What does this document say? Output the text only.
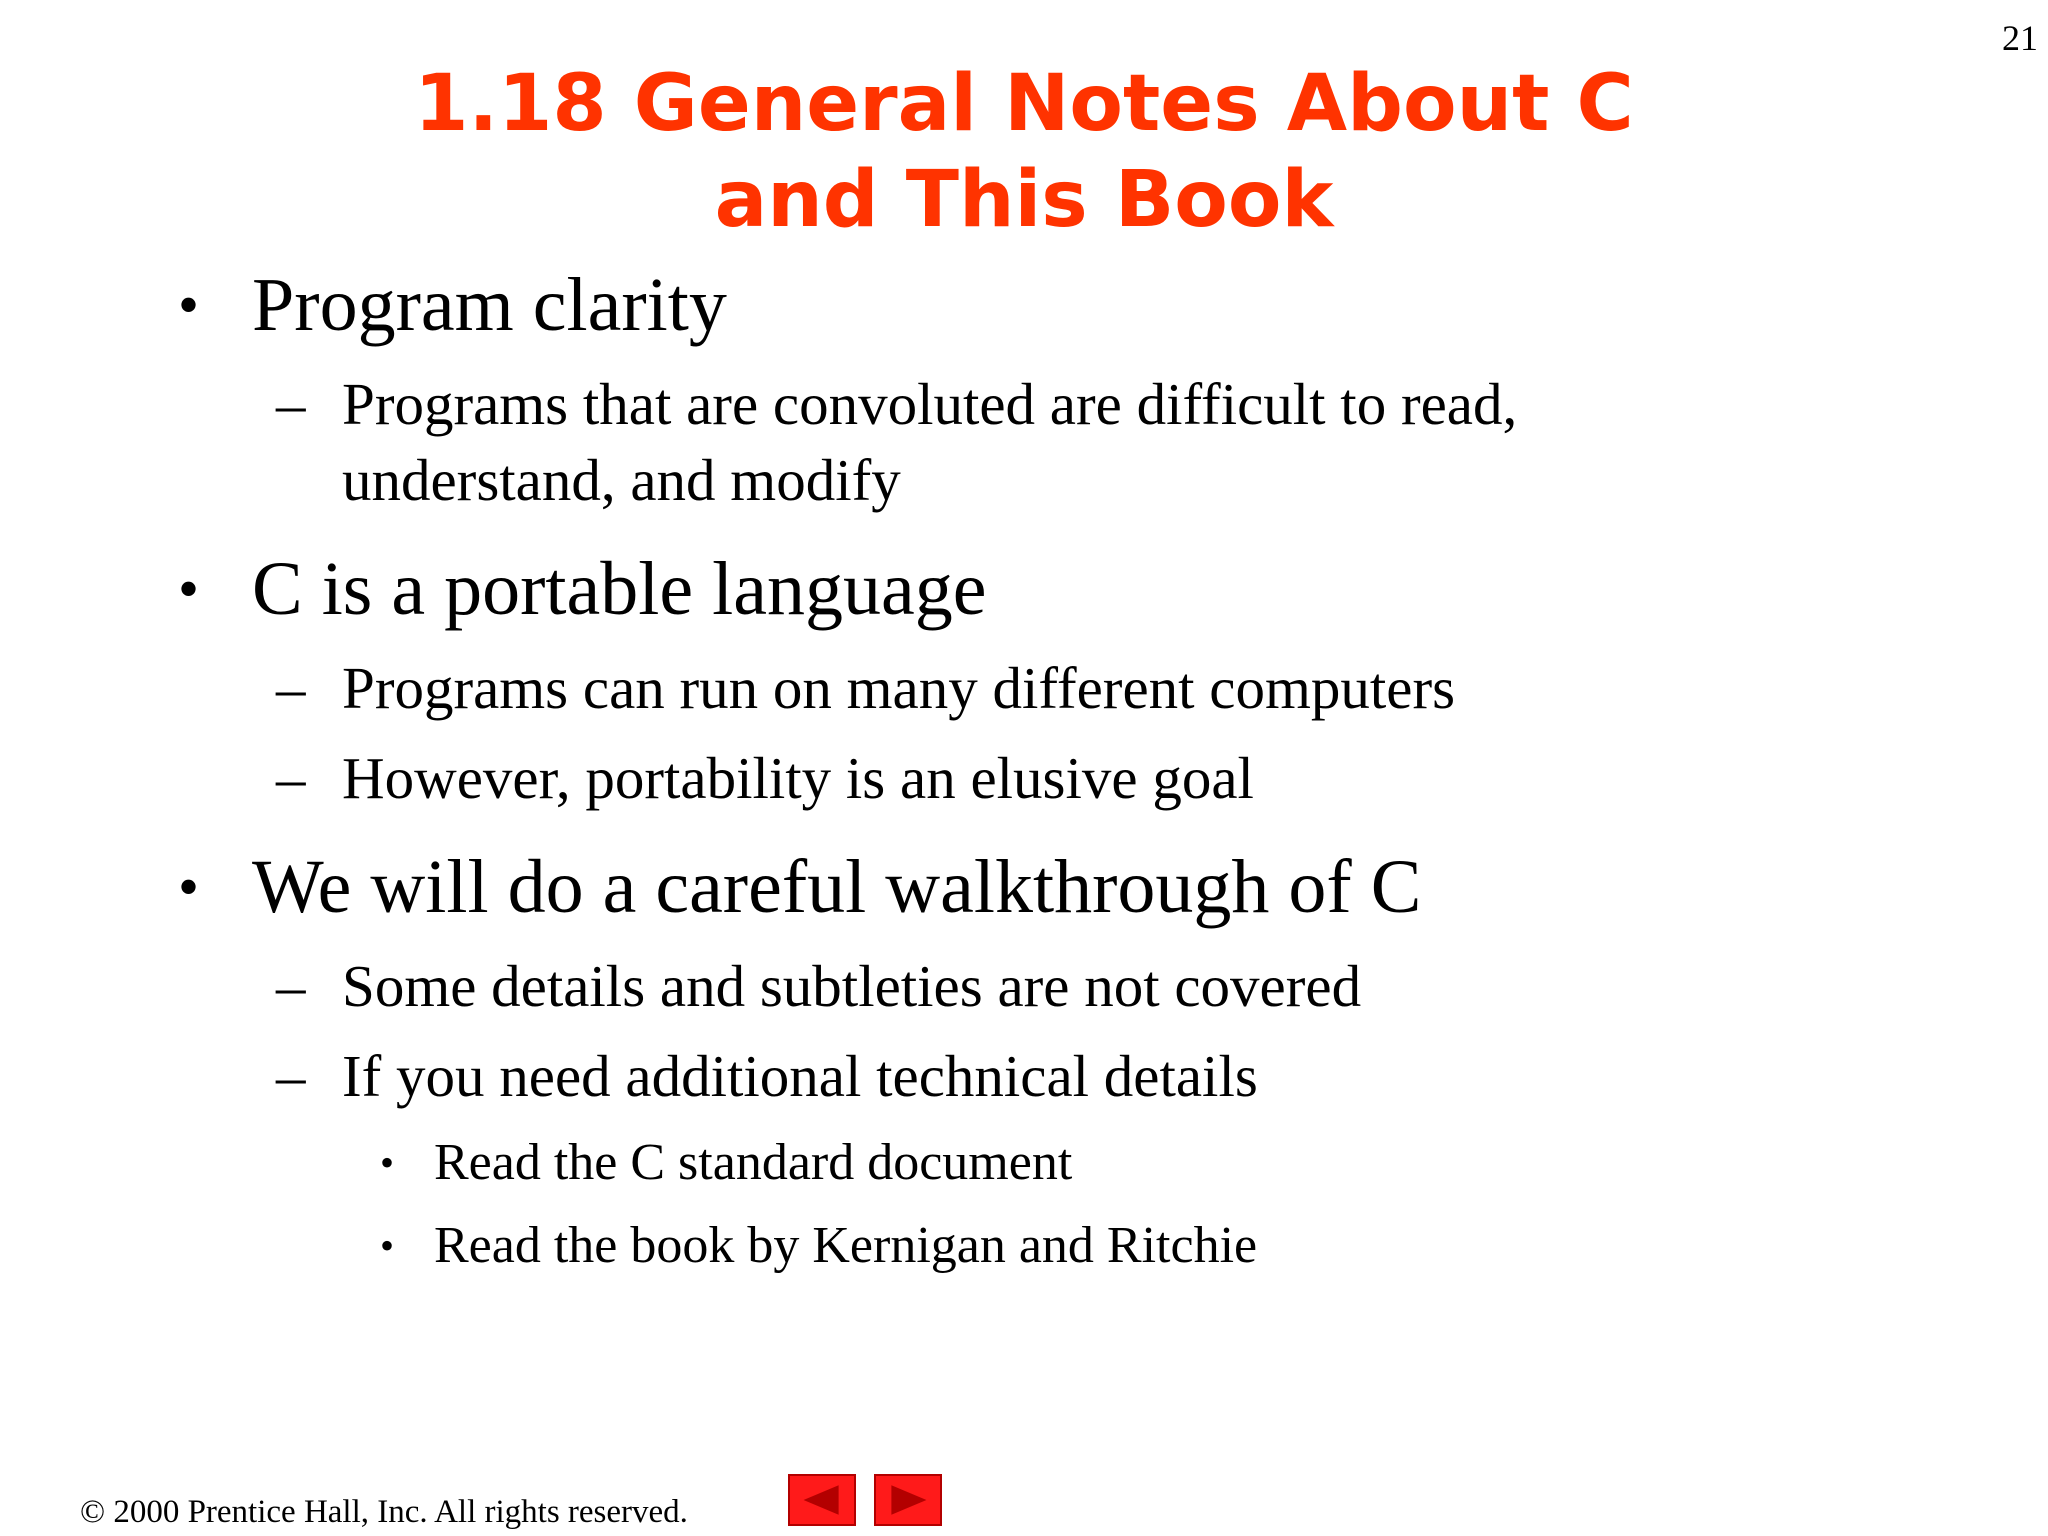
21
1.18 General Notes About C
and This Book
• Program clarity
– Programs that are convoluted are difficult to read,
understand, and modify
• C is a portable language
– Programs can run on many different computers
– However, portability is an elusive goal
• We will do a careful walkthrough of C
– Some details and subtleties are not covered
– If you need additional technical details
• Read the C standard document
• Read the book by Kernigan and Ritchie
© 2000 Prentice Hall, Inc. All rights reserved.
